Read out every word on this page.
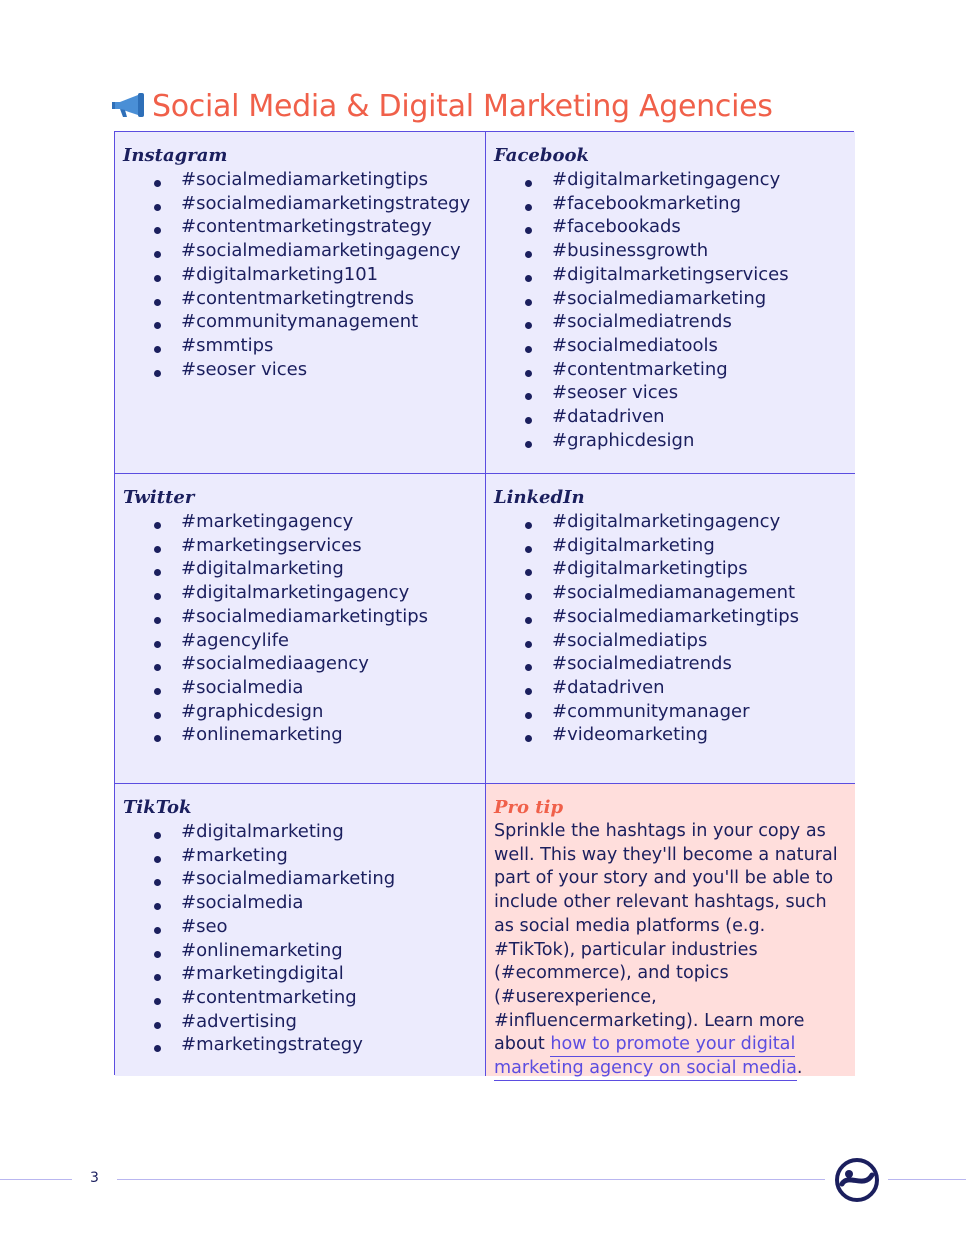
Social Media & Digital Marketing Agencies

Instagram

#socialmediamarketingtips
#socialmediamarketingstrategy
#contentmarketingstrategy
#socialmediamarketingagency
#digitalmarketing101
#contentmarketingtrends
#communitymanagement
#smmtips
#seoser vices

Facebook

#digitalmarketingagency
#facebookmarketing
#facebookads
#businessgrowth
#digitalmarketingservices
#socialmediamarketing
#socialmediatrends
#socialmediatools
#contentmarketing
#seoser vices
#datadriven
#graphicdesign

Twitter

#marketingagency
#marketingservices
#digitalmarketing
#digitalmarketingagency
#socialmediamarketingtips
#agencylife
#socialmediaagency
#socialmedia
#graphicdesign
#onlinemarketing

LinkedIn

#digitalmarketingagency
#digitalmarketing
#digitalmarketingtips
#socialmediamanagement
#socialmediamarketingtips
#socialmediatips
#socialmediatrends
#datadriven
#communitymanager
#videomarketing

TikTok

#digitalmarketing
#marketing
#socialmediamarketing
#socialmedia
#seo
#onlinemarketing
#marketingdigital
#contentmarketing
#advertising
#marketingstrategy

Pro tip

Sprinkle the hashtags in your copy as well. This way they'll become a natural part of your story and you'll be able to include other relevant hashtags, such as social media platforms (e.g. #TikTok), particular industries (#ecommerce), and topics (#userexperience, #influencermarketing). Learn more about how to promote your digital marketing agency on social media.

3
